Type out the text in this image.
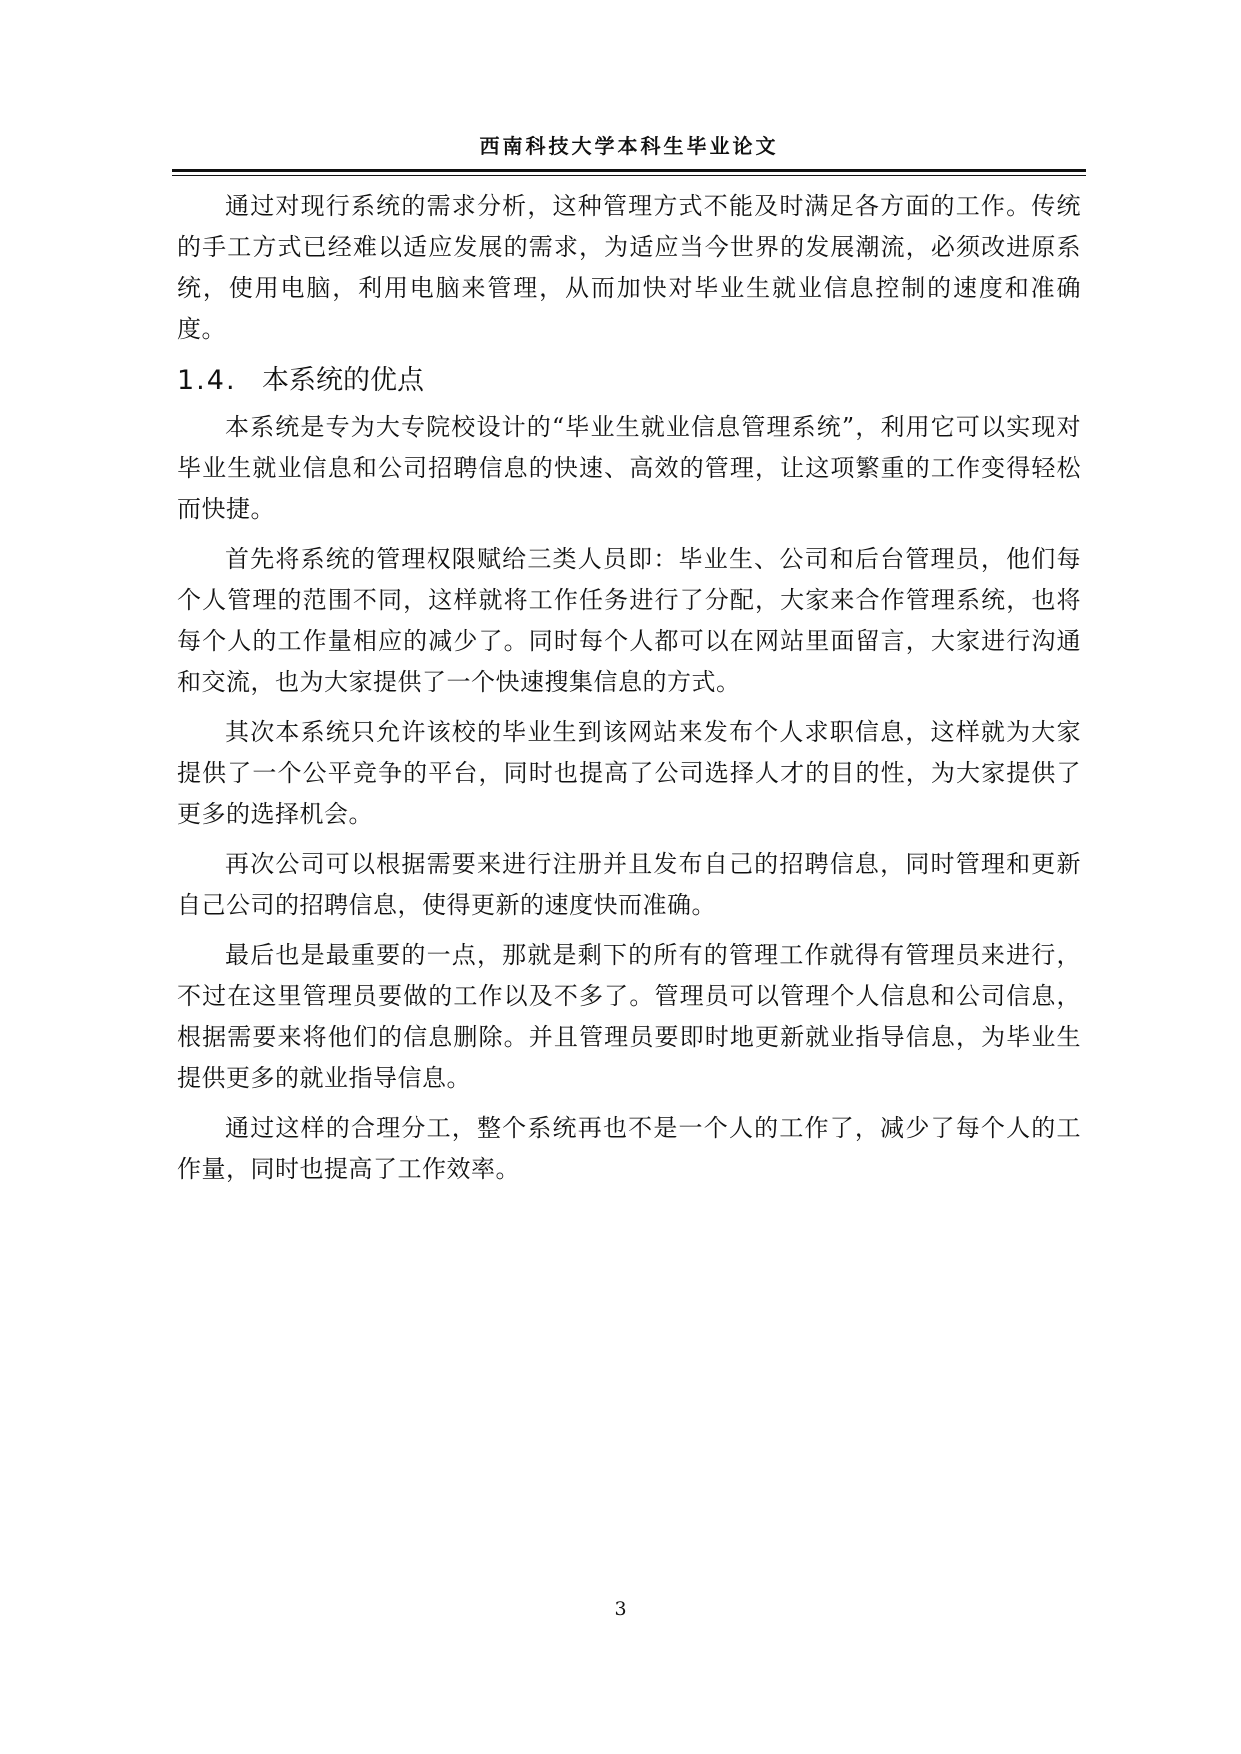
西南科技大学本科生毕业论文

通过对现行系统的需求分析，这种管理方式不能及时满足各方面的工作。传统的手工方式已经难以适应发展的需求，为适应当今世界的发展潮流，必须改进原系统，使用电脑，利用电脑来管理，从而加快对毕业生就业信息控制的速度和准确度。

1.4. 本系统的优点

本系统是专为大专院校设计的“毕业生就业信息管理系统”，利用它可以实现对毕业生就业信息和公司招聘信息的快速、高效的管理，让这项繁重的工作变得轻松而快捷。

首先将系统的管理权限赋给三类人员即：毕业生、公司和后台管理员，他们每个人管理的范围不同，这样就将工作任务进行了分配，大家来合作管理系统，也将每个人的工作量相应的减少了。同时每个人都可以在网站里面留言，大家进行沟通和交流，也为大家提供了一个快速搜集信息的方式。

其次本系统只允许该校的毕业生到该网站来发布个人求职信息，这样就为大家提供了一个公平竞争的平台，同时也提高了公司选择人才的目的性，为大家提供了更多的选择机会。

再次公司可以根据需要来进行注册并且发布自己的招聘信息，同时管理和更新自己公司的招聘信息，使得更新的速度快而准确。

最后也是最重要的一点，那就是剩下的所有的管理工作就得有管理员来进行，不过在这里管理员要做的工作以及不多了。管理员可以管理个人信息和公司信息，根据需要来将他们的信息删除。并且管理员要即时地更新就业指导信息，为毕业生提供更多的就业指导信息。

通过这样的合理分工，整个系统再也不是一个人的工作了，减少了每个人的工作量，同时也提高了工作效率。

3
